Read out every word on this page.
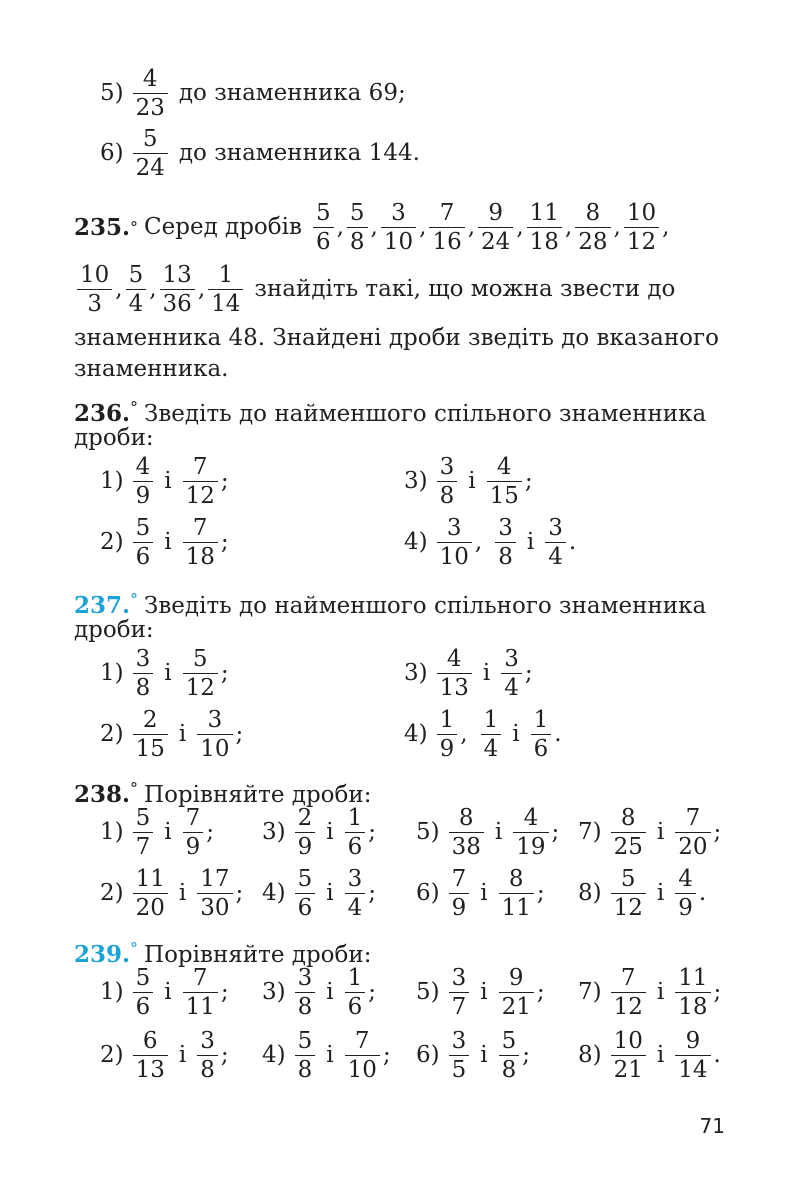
$5) \frac{4}{23}$ до знаменника 69;
$6) \frac{5}{24}$ до знаменника 144.
235. ° Серед дробів $\frac{5}{6}$ , $\frac{5}{8}$ , $\frac{3}{10}$ , $\frac{7}{16}$ , $\frac{9}{24}$ , $\frac{11}{18}$ , $\frac{8}{28}$ , $\frac{10}{12}$ ,
$\frac{10}{3}$ , $\frac{5}{4}$ , $\frac{13}{36}$ , $\frac{1}{14}$ знайдіть такі, що можна звести до
знаменника 48. Знайдені дроби зведіть до вказаного
знаменника.
236.° Зведіть до найменшого спільного знаменника
дроби:
$1) \frac{4}{9}$ і $\frac{7}{12}$ ;	$3) \frac{3}{8}$ і $\frac{4}{15}$ ;
$2) \frac{5}{6}$ і $\frac{7}{18}$ ;	$4) \frac{3}{10}$ , $\frac{3}{8}$ і $\frac{3}{4}$ .
237.° Зведіть до найменшого спільного знаменника
дроби:
$1) \frac{3}{8}$ і $\frac{5}{12}$ ;	$3) \frac{4}{13}$ і $\frac{3}{4}$ ;
$2) \frac{2}{15}$ і $\frac{3}{10}$ ;	$4) \frac{1}{9}$ , $\frac{1}{4}$ і $\frac{1}{6}$ .
238.° Порівняйте дроби:
$1) \frac{5}{7}$ і $\frac{7}{9}$ ; $3) \frac{2}{9}$ і $\frac{1}{6}$ ; $5) \frac{8}{38}$ і $\frac{4}{19}$ ; $7) \frac{8}{25}$ і $\frac{7}{20}$ ;
$2) \frac{11}{20}$ і $\frac{17}{30}$ ; $4) \frac{5}{6}$ і $\frac{3}{4}$ ; $6) \frac{7}{9}$ і $\frac{8}{11}$ ; $8) \frac{5}{12}$ і $\frac{4}{9}$ .
239.° Порівняйте дроби:
$1) \frac{5}{6}$ і $\frac{7}{11}$ ; $3) \frac{3}{8}$ і $\frac{1}{6}$ ; $5) \frac{3}{7}$ і $\frac{9}{21}$ ; $7) \frac{7}{12}$ і $\frac{11}{18}$ ;
$2) \frac{6}{13}$ і $\frac{3}{8}$ ; $4) \frac{5}{8}$ і $\frac{7}{10}$ ; $6) \frac{3}{5}$ і $\frac{5}{8}$ ; $8) \frac{10}{21}$ і $\frac{9}{14}$ .
71
